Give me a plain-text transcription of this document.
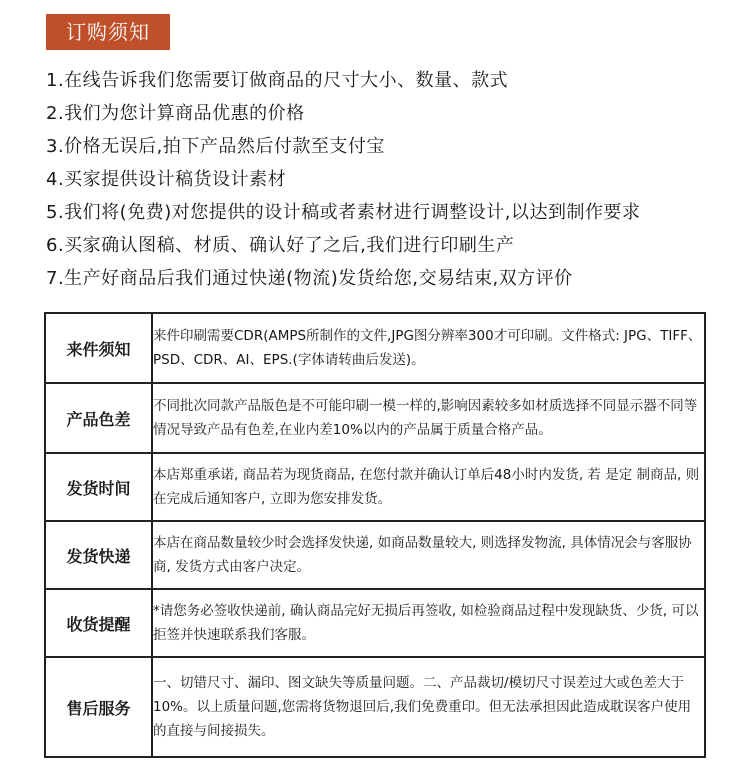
订购须知
1.在线告诉我们您需要订做商品的尺寸大小、数量、款式
2.我们为您计算商品优惠的价格
3.价格无误后,拍下产品然后付款至支付宝
4.买家提供设计稿货设计素材
5.我们将(免费)对您提供的设计稿或者素材进行调整设计,以达到制作要求
6.买家确认图稿、材质、确认好了之后,我们进行印刷生产
7.生产好商品后我们通过快递(物流)发货给您,交易结束,双方评价
来件须知	来件印刷需要CDR(AMPS所制作的文件,JPG图分辨率300才可印刷。文件格式: JPG、TIFF、PSD、CDR、AI、EPS.(字体请转曲后发送)。
产品色差	不同批次同款产品版色是不可能印刷一模一样的,影响因素较多如材质选择不同显示器不同等情况导致产品有色差,在业内差10%以内的产品属于质量合格产品。
发货时间	本店郑重承诺, 商品若为现货商品, 在您付款并确认订单后48小时内发货, 若 是定 制商品, 则在完成后通知客户, 立即为您安排发货。
发货快递	本店在商品数量较少时会选择发快递, 如商品数量较大, 则选择发物流, 具体情况会与客服协商, 发货方式由客户决定。
收货提醒	*请您务必签收快递前, 确认商品完好无损后再签收, 如检验商品过程中发现缺货、少货, 可以拒签并快速联系我们客服。
售后服务	一、切错尺寸、漏印、图文缺失等质量问题。二、产品裁切/模切尺寸误差过大或色差大于10%。以上质量问题,您需将货物退回后,我们免费重印。但无法承担因此造成耽误客户使用的直接与间接损失。
